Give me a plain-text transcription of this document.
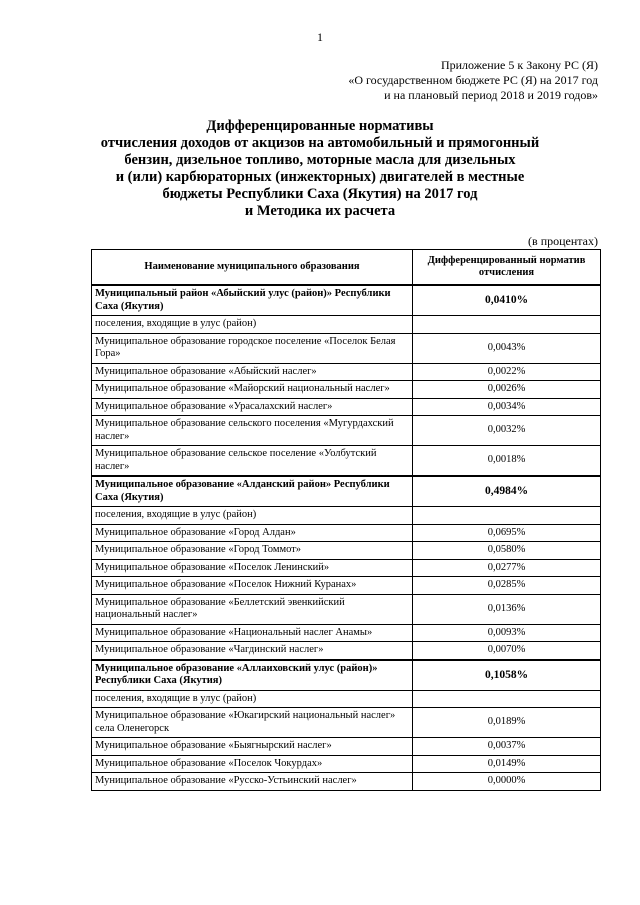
1
Приложение 5 к Закону РС (Я)
«О государственном бюджете РС (Я) на 2017 год
и на плановый период 2018 и 2019 годов»
Дифференцированные нормативы
отчисления доходов от акцизов на автомобильный и прямогонный
бензин, дизельное топливо, моторные масла для дизельных
и (или) карбюраторных (инжекторных) двигателей в местные
бюджеты Республики Саха (Якутия) на 2017 год
и Методика их расчета
(в процентах)
Наименование муниципального образования	Дифференцированный норматив отчисления
Муниципальный район «Абыйский улус (район)» Республики Саха (Якутия)	0,0410%
поселения, входящие в улус (район)	
Муниципальное образование городское поселение «Поселок Белая Гора»	0,0043%
Муниципальное образование «Абыйский наслег»	0,0022%
Муниципальное образование «Майорский национальный наслег»	0,0026%
Муниципальное образование «Урасалахский наслег»	0,0034%
Муниципальное образование сельского поселения «Мугурдахский наслег»	0,0032%
Муниципальное образование сельское поселение «Уолбутский наслег»	0,0018%
Муниципальное образование «Алданский район» Республики Саха (Якутия)	0,4984%
поселения, входящие в улус (район)	
Муниципальное образование «Город Алдан»	0,0695%
Муниципальное образование «Город Томмот»	0,0580%
Муниципальное образование «Поселок Ленинский»	0,0277%
Муниципальное образование «Поселок Нижний Куранах»	0,0285%
Муниципальное образование «Беллетский эвенкийский национальный наслег»	0,0136%
Муниципальное образование «Национальный наслег Анамы»	0,0093%
Муниципальное образование «Чагдинский наслег»	0,0070%
Муниципальное образование «Аллаиховский улус (район)» Республики Саха (Якутия)	0,1058%
поселения, входящие в улус (район)	
Муниципальное образование «Юкагирский национальный наслег» села Оленегорск	0,0189%
Муниципальное образование «Быягнырский наслег»	0,0037%
Муниципальное образование «Поселок Чокурдах»	0,0149%
Муниципальное образование «Русско-Устьинский наслег»	0,0000%
